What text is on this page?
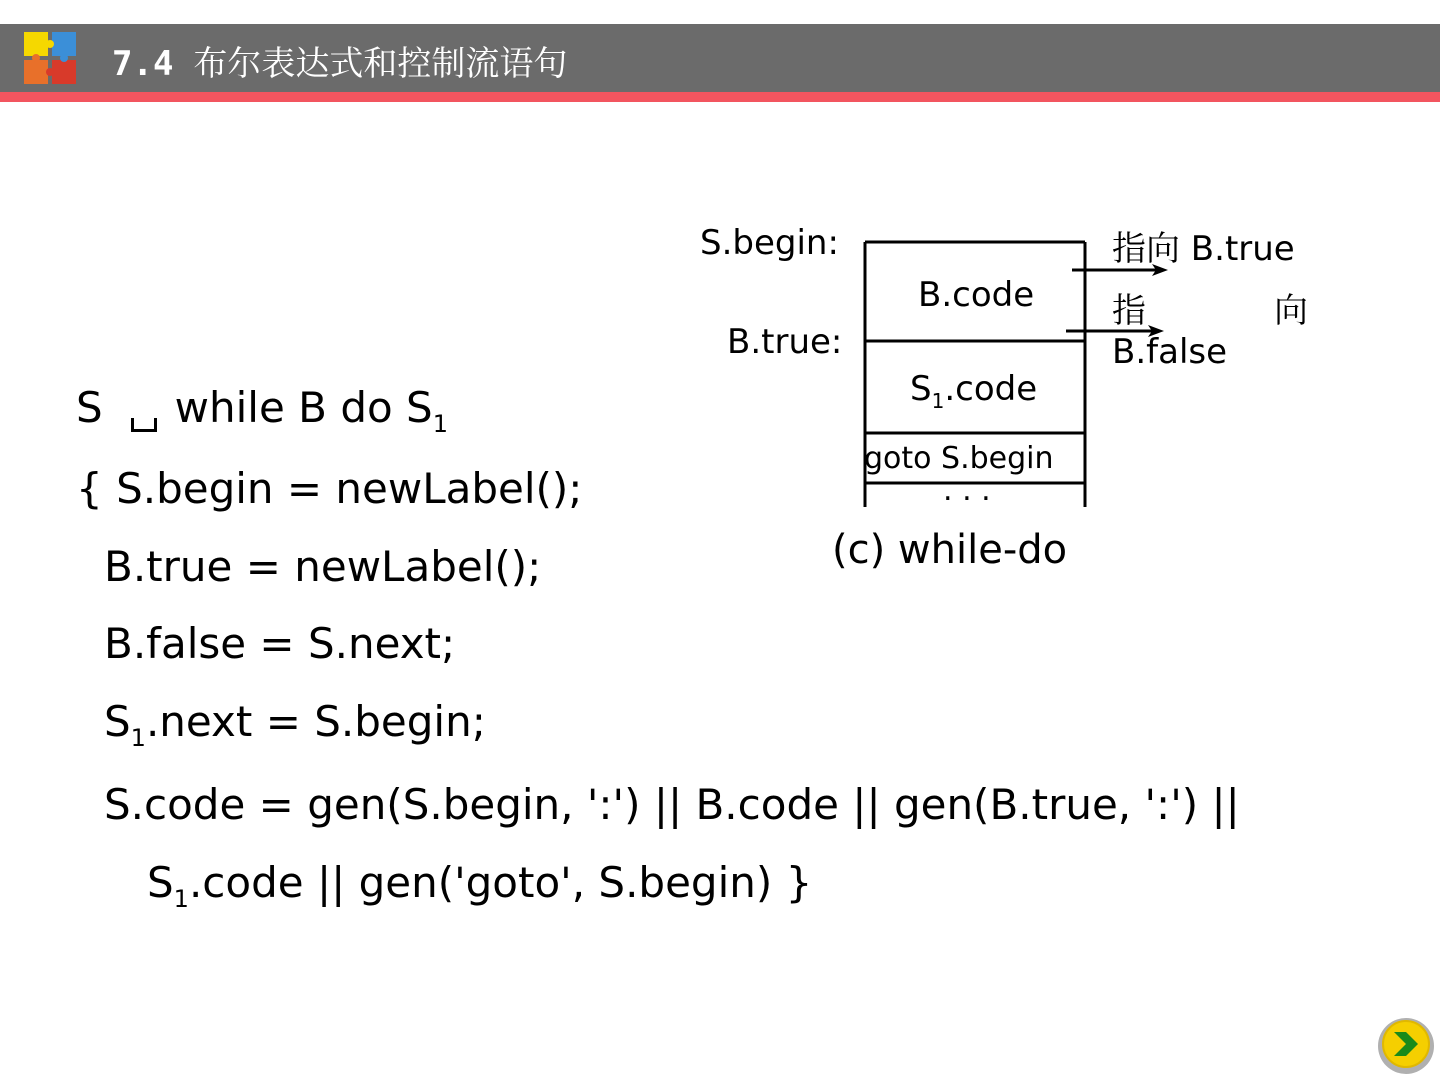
7.4 布尔表达式和控制流语句
S.begin:
B.true:
B.code
$S_1.code$
goto S.begin
. . .
指向 B.true
指	向
B.false
(c) while-do
S while B do $S_1$
{ S.begin = newLabel();
B.true = newLabel();
B.false = S.next;
$S_1.next$ = S.begin;
S.code = gen(S.begin, ':') || B.code || gen(B.true, ':') ||
$S_1.code$ || gen('goto', S.begin) }
